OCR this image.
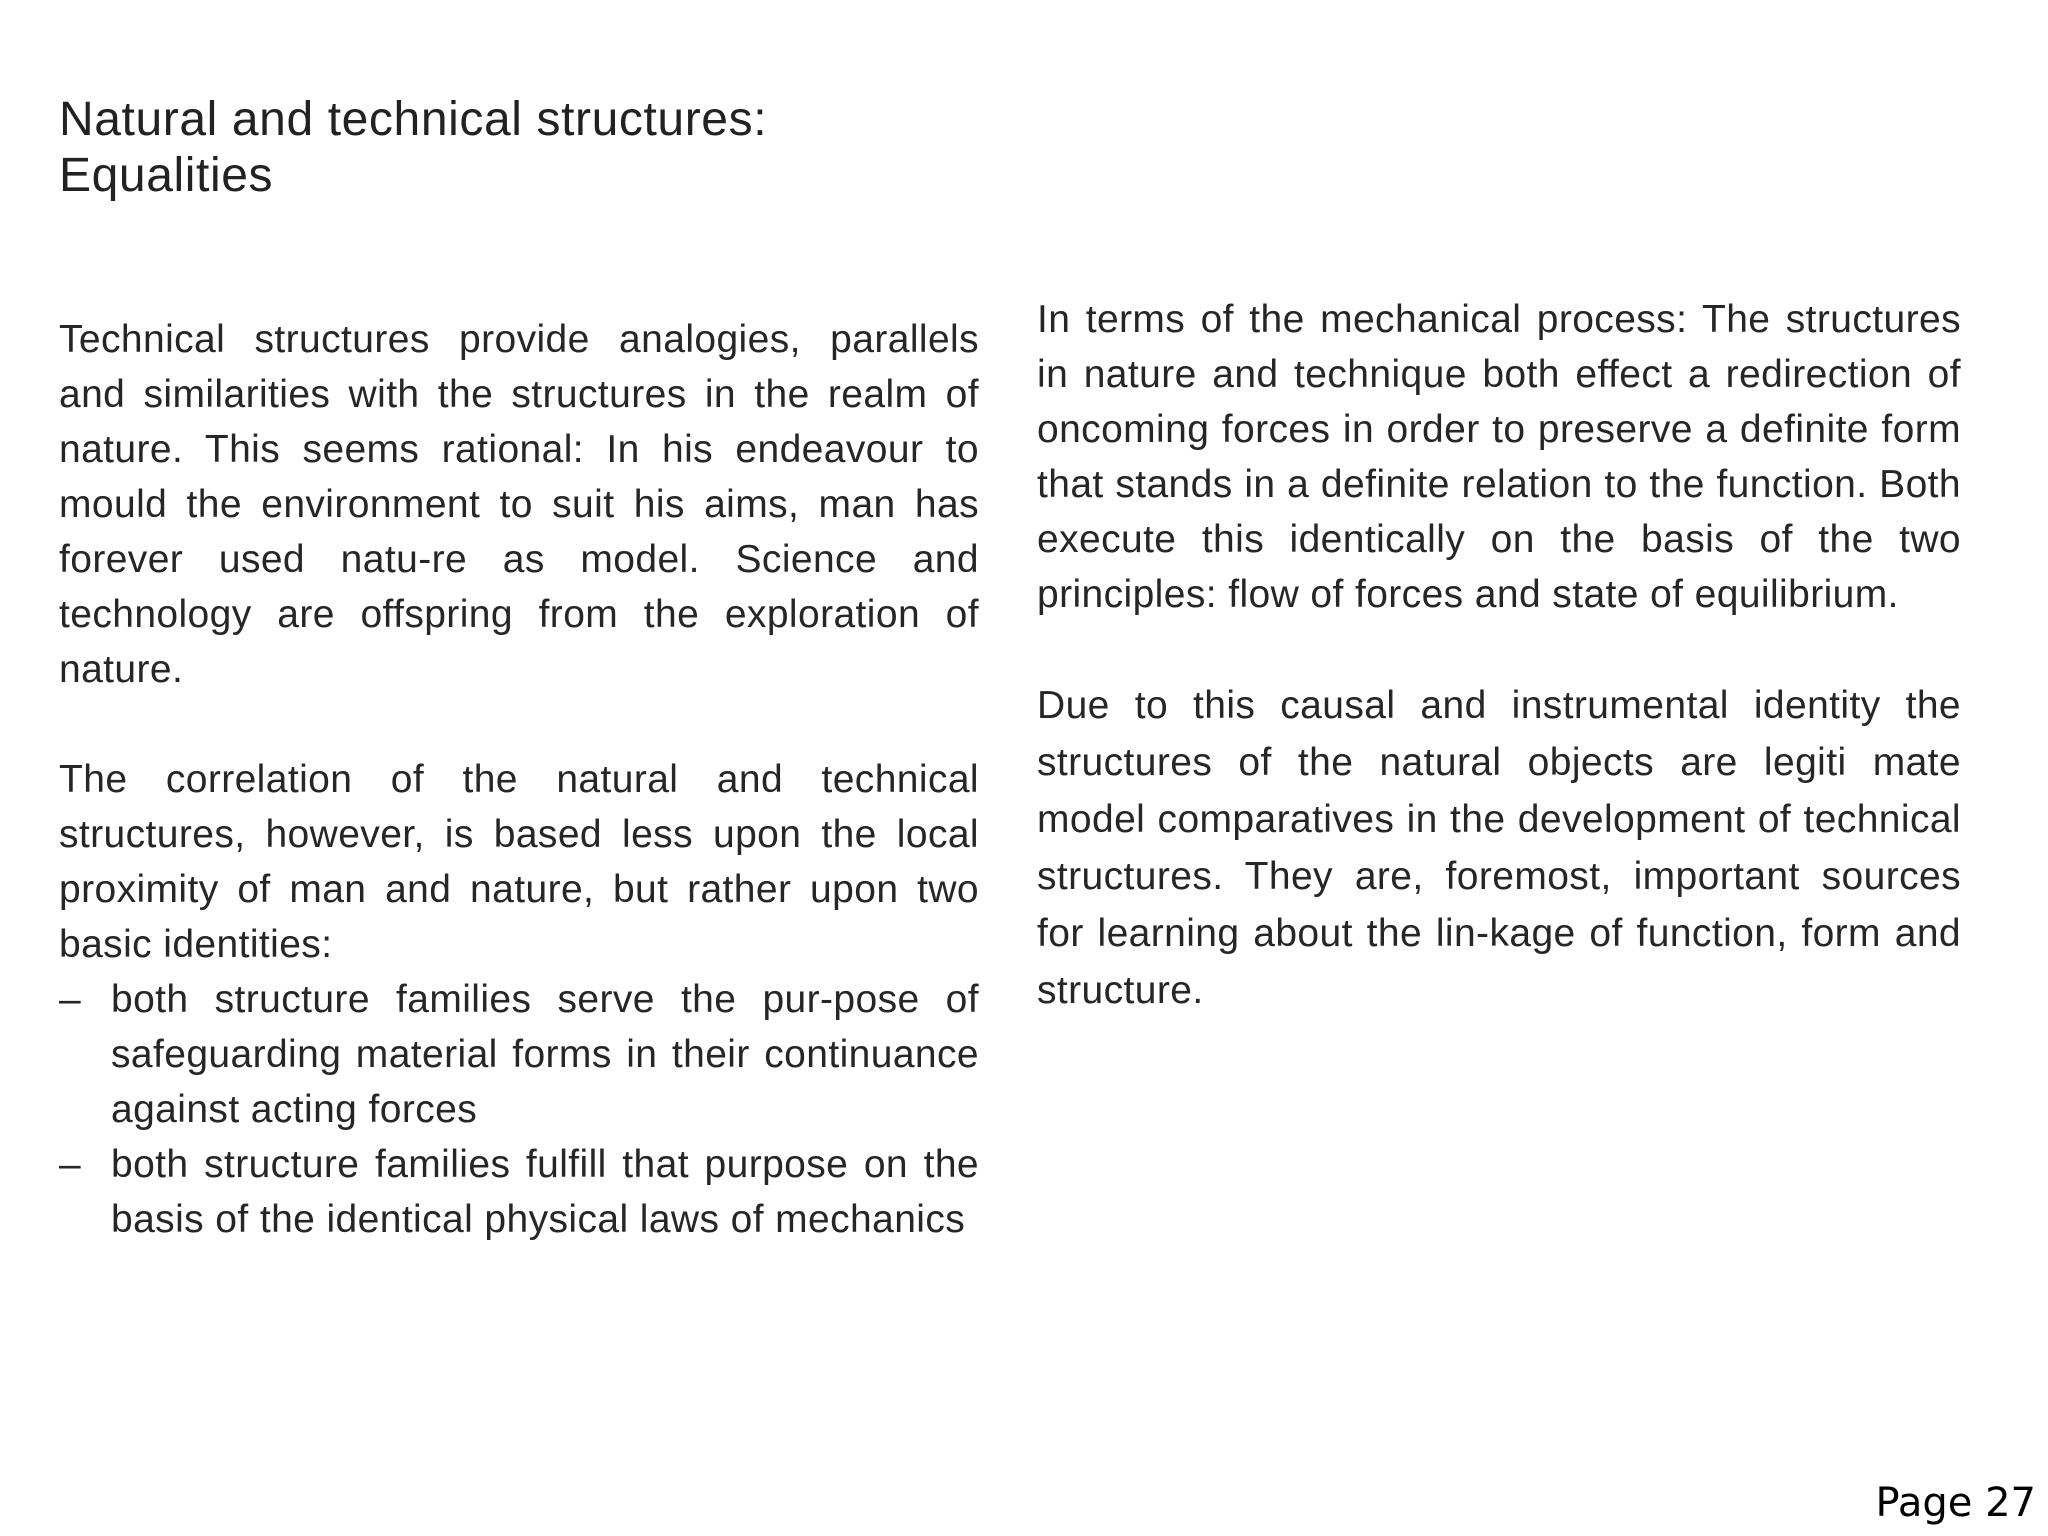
Natural and technical structures:
Equalities

Technical structures provide analogies, parallels and similarities with the structures in the realm of nature. This seems rational: In his endeavour to mould the environment to suit his aims, man has forever used natu-re as model. Science and technology are offspring from the exploration of nature.

The correlation of the natural and technical structures, however, is based less upon the local proximity of man and nature, but rather upon two basic identities:

– both structure families serve the pur-pose of safeguarding material forms in their continuance against acting forces
– both structure families fulfill that purpose on the basis of the identical physical laws of mechanics

In terms of the mechanical process: The structures in nature and technique both effect a redirection of oncoming forces in order to preserve a definite form that stands in a definite relation to the function. Both execute this identically on the basis of the two principles: flow of forces and state of equilibrium.

Due to this causal and instrumental identity the structures of the natural objects are legiti mate model comparatives in the development of technical structures. They are, foremost, important sources for learning about the lin-kage of function, form and structure.

Page 27
